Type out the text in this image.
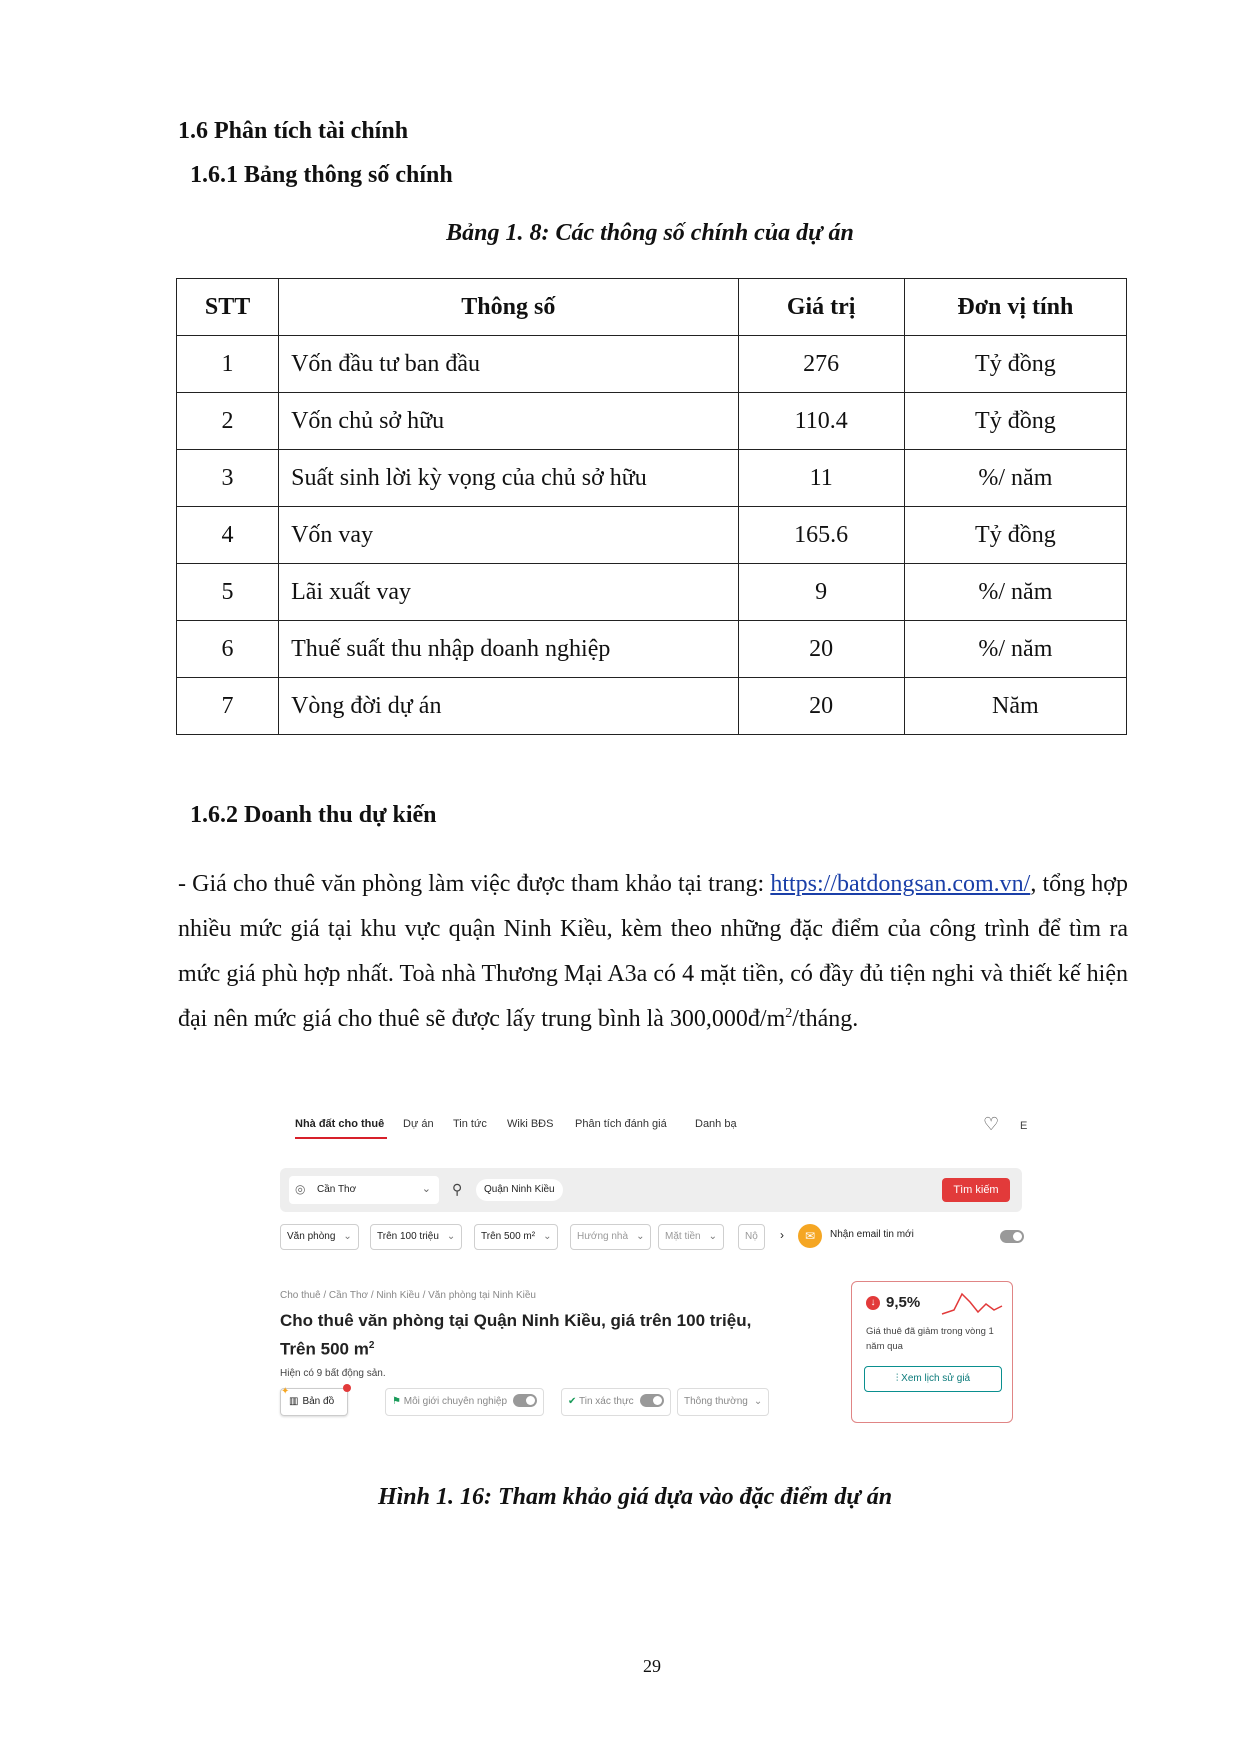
1.6 Phân tích tài chính
1.6.1 Bảng thông số chính
Bảng 1. 8: Các thông số chính của dự án
STT	Thông số	Giá trị	Đơn vị tính
1	Vốn đầu tư ban đầu	276	Tỷ đồng
2	Vốn chủ sở hữu	110.4	Tỷ đồng
3	Suất sinh lời kỳ vọng của chủ sở hữu	11	%/ năm
4	Vốn vay	165.6	Tỷ đồng
5	Lãi xuất vay	9	%/ năm
6	Thuế suất thu nhập doanh nghiệp	20	%/ năm
7	Vòng đời dự án	20	Năm
1.6.2 Doanh thu dự kiến
- Giá cho thuê văn phòng làm việc được tham khảo tại trang: https://batdongsan.com.vn/, tổng hợp nhiều mức giá tại khu vực quận Ninh Kiều, kèm theo những đặc điểm của công trình để tìm ra mức giá phù hợp nhất. Toà nhà Thương Mại A3a có 4 mặt tiền, có đầy đủ tiện nghi và thiết kế hiện đại nên mức giá cho thuê sẽ được lấy trung bình là $300,000đ/m^2$/tháng.
Nhà đất cho thuê Dự án Tin tức Wiki BĐS Phân tích đánh giá	Danh bạ	♡ E
◎ Cần Thơ	⌄ ⚲	Quận Ninh Kiều	Tìm kiếm
Văn phòng ⌄	Trên 100 triệu ⌄	Trên 500 m² ⌄	Hướng nhà ⌄	Mặt tiền ⌄	Nộ	›	✉	Nhận email tin mới
Cho thuê / Cần Thơ / Ninh Kiều / Văn phòng tại Ninh Kiều
Cho thuê văn phòng tại Quận Ninh Kiều, giá trên 100 triệu,
Trên 500 $m^2$
Hiện có 9 bất động sản.
✦
▥ Bản đồ	⚑ Môi giới chuyên nghiệp	✔ Tin xác thực	Thông thường ⌄
↓ 9,5%
Giá thuê đã giảm trong vòng 1 năm qua
⫶ Xem lịch sử giá
Hình 1. 16: Tham khảo giá dựa vào đặc điểm dự án
29
